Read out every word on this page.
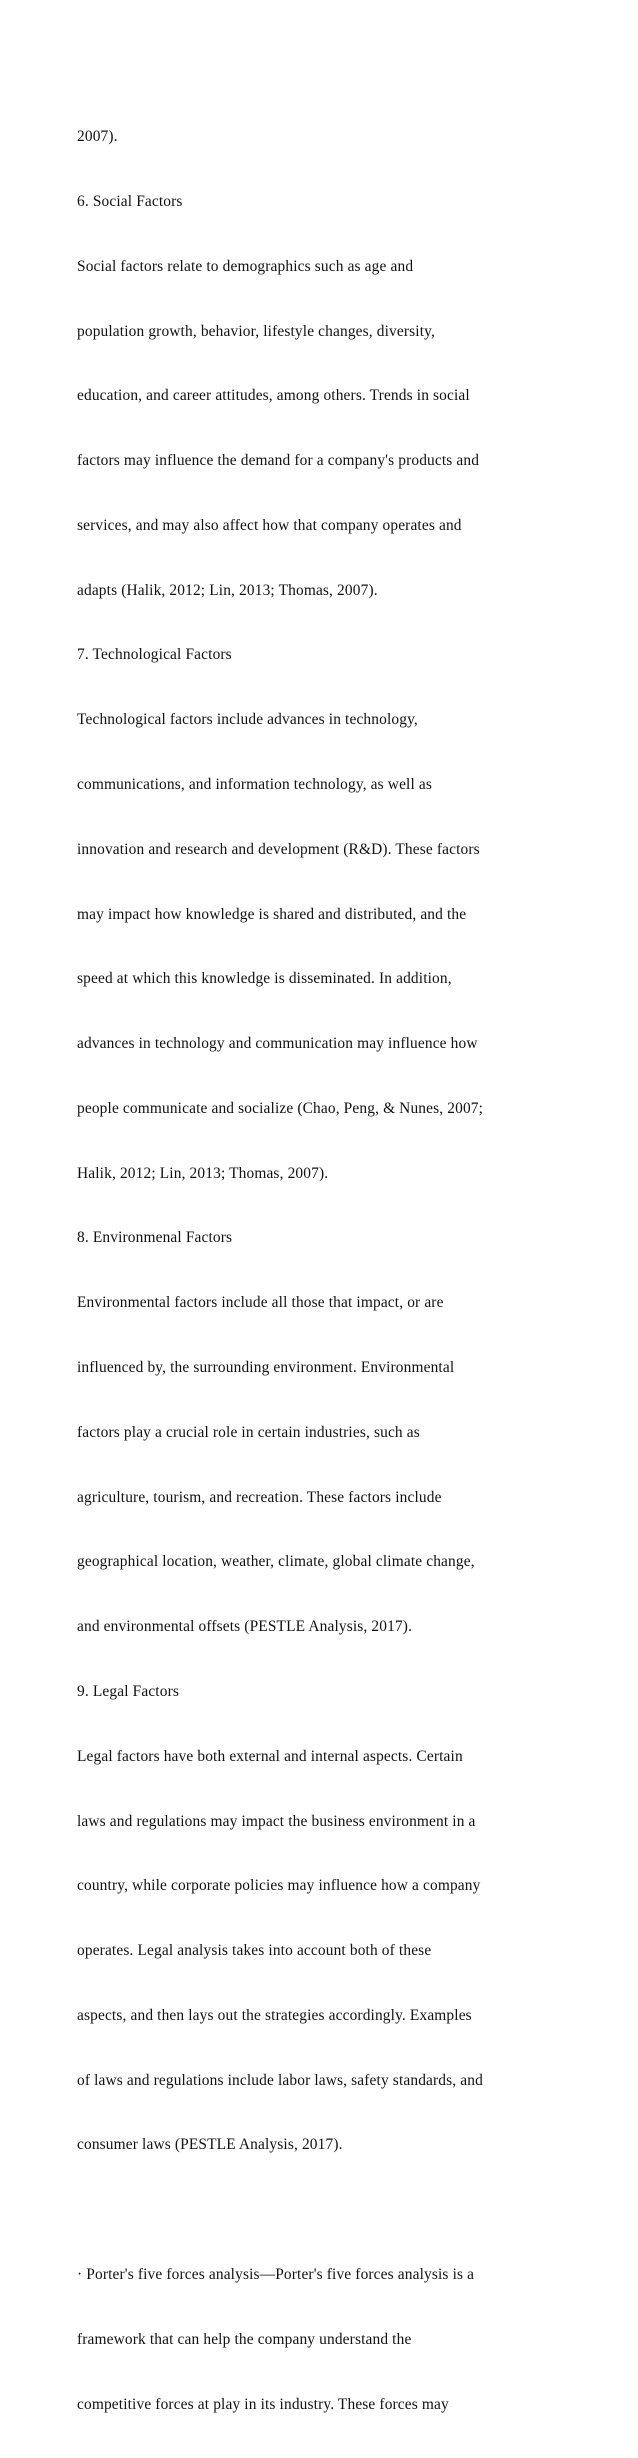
2007).

6. Social Factors

Social factors relate to demographics such as age and

population growth, behavior, lifestyle changes, diversity,

education, and career attitudes, among others. Trends in social

factors may influence the demand for a company's products and

services, and may also affect how that company operates and

adapts (Halik, 2012; Lin, 2013; Thomas, 2007).

7. Technological Factors

Technological factors include advances in technology,

communications, and information technology, as well as

innovation and research and development (R&D). These factors

may impact how knowledge is shared and distributed, and the

speed at which this knowledge is disseminated. In addition,

advances in technology and communication may influence how

people communicate and socialize (Chao, Peng, & Nunes, 2007;

Halik, 2012; Lin, 2013; Thomas, 2007).

8. Environmenal Factors

Environmental factors include all those that impact, or are

influenced by, the surrounding environment. Environmental

factors play a crucial role in certain industries, such as

agriculture, tourism, and recreation. These factors include

geographical location, weather, climate, global climate change,

and environmental offsets (PESTLE Analysis, 2017).

9. Legal Factors

Legal factors have both external and internal aspects. Certain

laws and regulations may impact the business environment in a

country, while corporate policies may influence how a company

operates. Legal analysis takes into account both of these

aspects, and then lays out the strategies accordingly. Examples

of laws and regulations include labor laws, safety standards, and

consumer laws (PESTLE Analysis, 2017).

· Porter's five forces analysis—Porter's five forces analysis is a

framework that can help the company understand the

competitive forces at play in its industry. These forces may
